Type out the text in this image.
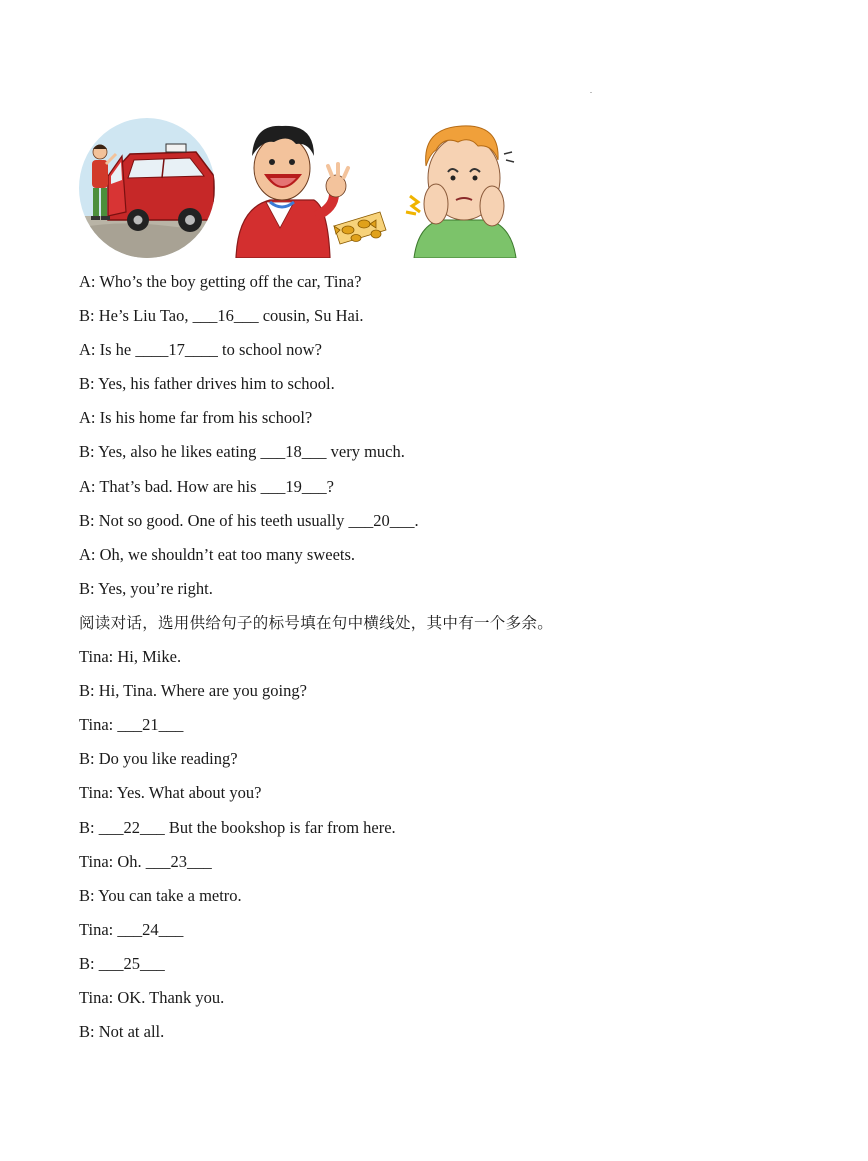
.
A: Who’s the boy getting off the car, Tina?
B: He’s Liu Tao, ___16___ cousin, Su Hai.
A: Is he ____17____ to school now?
B: Yes, his father drives him to school.
A: Is his home far from his school?
B: Yes, also he likes eating ___18___ very much.
A: That’s bad. How are his ___19___?
B: Not so good. One of his teeth usually ___20___.
A: Oh, we shouldn’t eat too many sweets.
B: Yes, you’re right.
阅读对话，选用供给句子的标号填在句中横线处，其中有一个多余。
Tina: Hi, Mike.
B: Hi, Tina. Where are you going?
Tina: ___21___
B: Do you like reading?
Tina: Yes. What about you?
B: ___22___ But the bookshop is far from here.
Tina: Oh. ___23___
B: You can take a metro.
Tina: ___24___
B: ___25___
Tina: OK. Thank you.
B: Not at all.
